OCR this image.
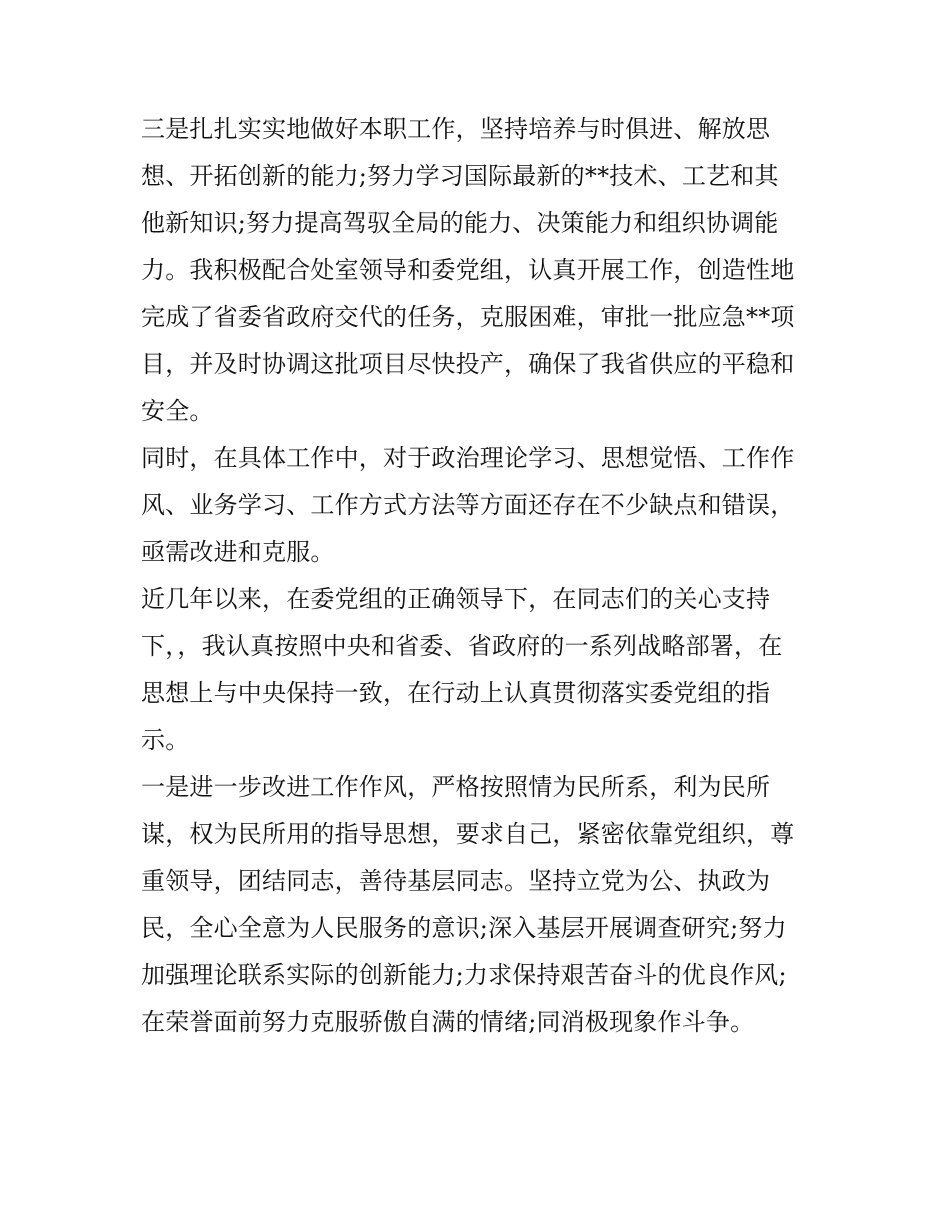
三是扎扎实实地做好本职工作，坚持培养与时俱进、解放思
想、开拓创新的能力;努力学习国际最新的**技术、工艺和其
他新知识;努力提高驾驭全局的能力、决策能力和组织协调能
力。我积极配合处室领导和委党组，认真开展工作，创造性地
完成了省委省政府交代的任务，克服困难，审批一批应急**项
目，并及时协调这批项目尽快投产，确保了我省供应的平稳和
安全。
同时，在具体工作中，对于政治理论学习、思想觉悟、工作作
风、业务学习、工作方式方法等方面还存在不少缺点和错误，
亟需改进和克服。
近几年以来，在委党组的正确领导下，在同志们的关心支持
下，，我认真按照中央和省委、省政府的一系列战略部署，在
思想上与中央保持一致，在行动上认真贯彻落实委党组的指
示。
一是进一步改进工作作风，严格按照情为民所系，利为民所
谋，权为民所用的指导思想，要求自己，紧密依靠党组织，尊
重领导，团结同志，善待基层同志。坚持立党为公、执政为
民，全心全意为人民服务的意识;深入基层开展调查研究;努力
加强理论联系实际的创新能力;力求保持艰苦奋斗的优良作风;
在荣誉面前努力克服骄傲自满的情绪;同消极现象作斗争。
